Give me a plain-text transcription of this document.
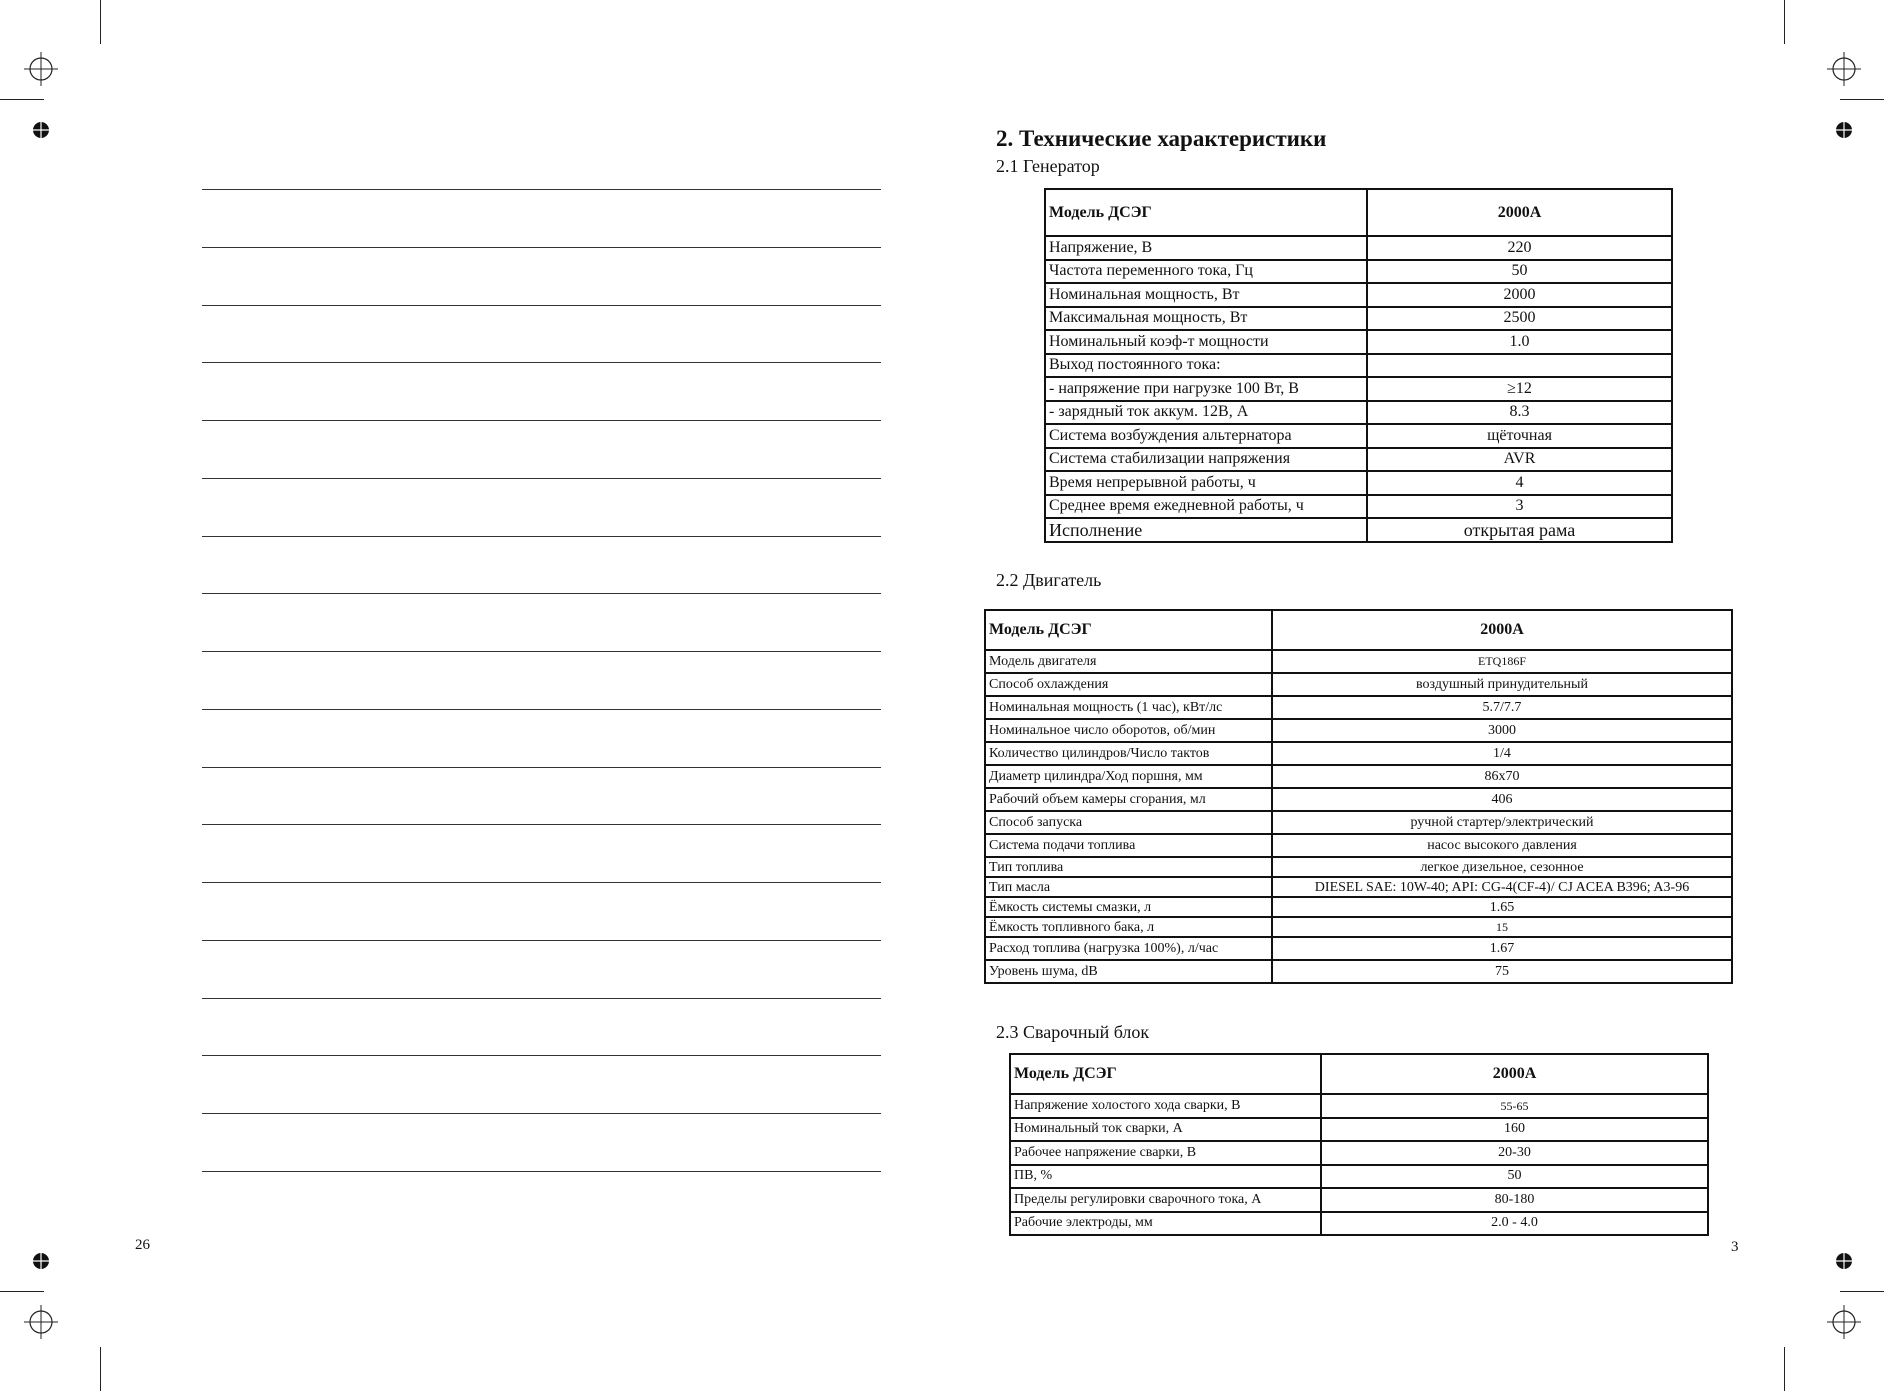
26
2. Технические характеристики
2.1 Генератор
Модель ДСЭГ	2000A
Напряжение, В	220
Частота переменного тока, Гц	50
Номинальная мощность, Вт	2000
Максимальная мощность, Вт	2500
Номинальный коэф-т мощности	1.0
Выход постоянного тока:	
- напряжение при нагрузке 100 Вт, В	≥12
- зарядный ток аккум. 12В, А	8.3
Система возбуждения альтернатора	щёточная
Система стабилизации напряжения	AVR
Время непрерывной работы, ч	4
Среднее время ежедневной работы, ч	3
Исполнение	открытая рама
2.2 Двигатель
Модель ДСЭГ	2000A
Модель двигателя	ETQ186F
Способ охлаждения	воздушный принудительный
Номинальная мощность (1 час), кВт/лс	5.7/7.7
Номинальное число оборотов, об/мин	3000
Количество цилиндров/Число тактов	1/4
Диаметр цилиндра/Ход поршня, мм	86x70
Рабочий объем камеры сгорания, мл	406
Способ запуска	ручной стартер/электрический
Система подачи топлива	насос высокого давления
Тип топлива	легкое дизельное, сезонное
Тип масла	DIESEL SAE: 10W-40; API: CG-4(CF-4)/ CJ ACEA B396; A3-96
Ёмкость системы смазки, л	1.65
Ёмкость топливного бака, л	15
Расход топлива (нагрузка 100%), л/час	1.67
Уровень шума, dB	75
2.3 Сварочный блок
Модель ДСЭГ	2000A
Напряжение холостого хода сварки, В	55-65
Номинальный ток сварки, А	160
Рабочее напряжение сварки, В	20-30
ПВ, %	50
Пределы регулировки сварочного тока, А	80-180
Рабочие электроды, мм	2.0 - 4.0
3
